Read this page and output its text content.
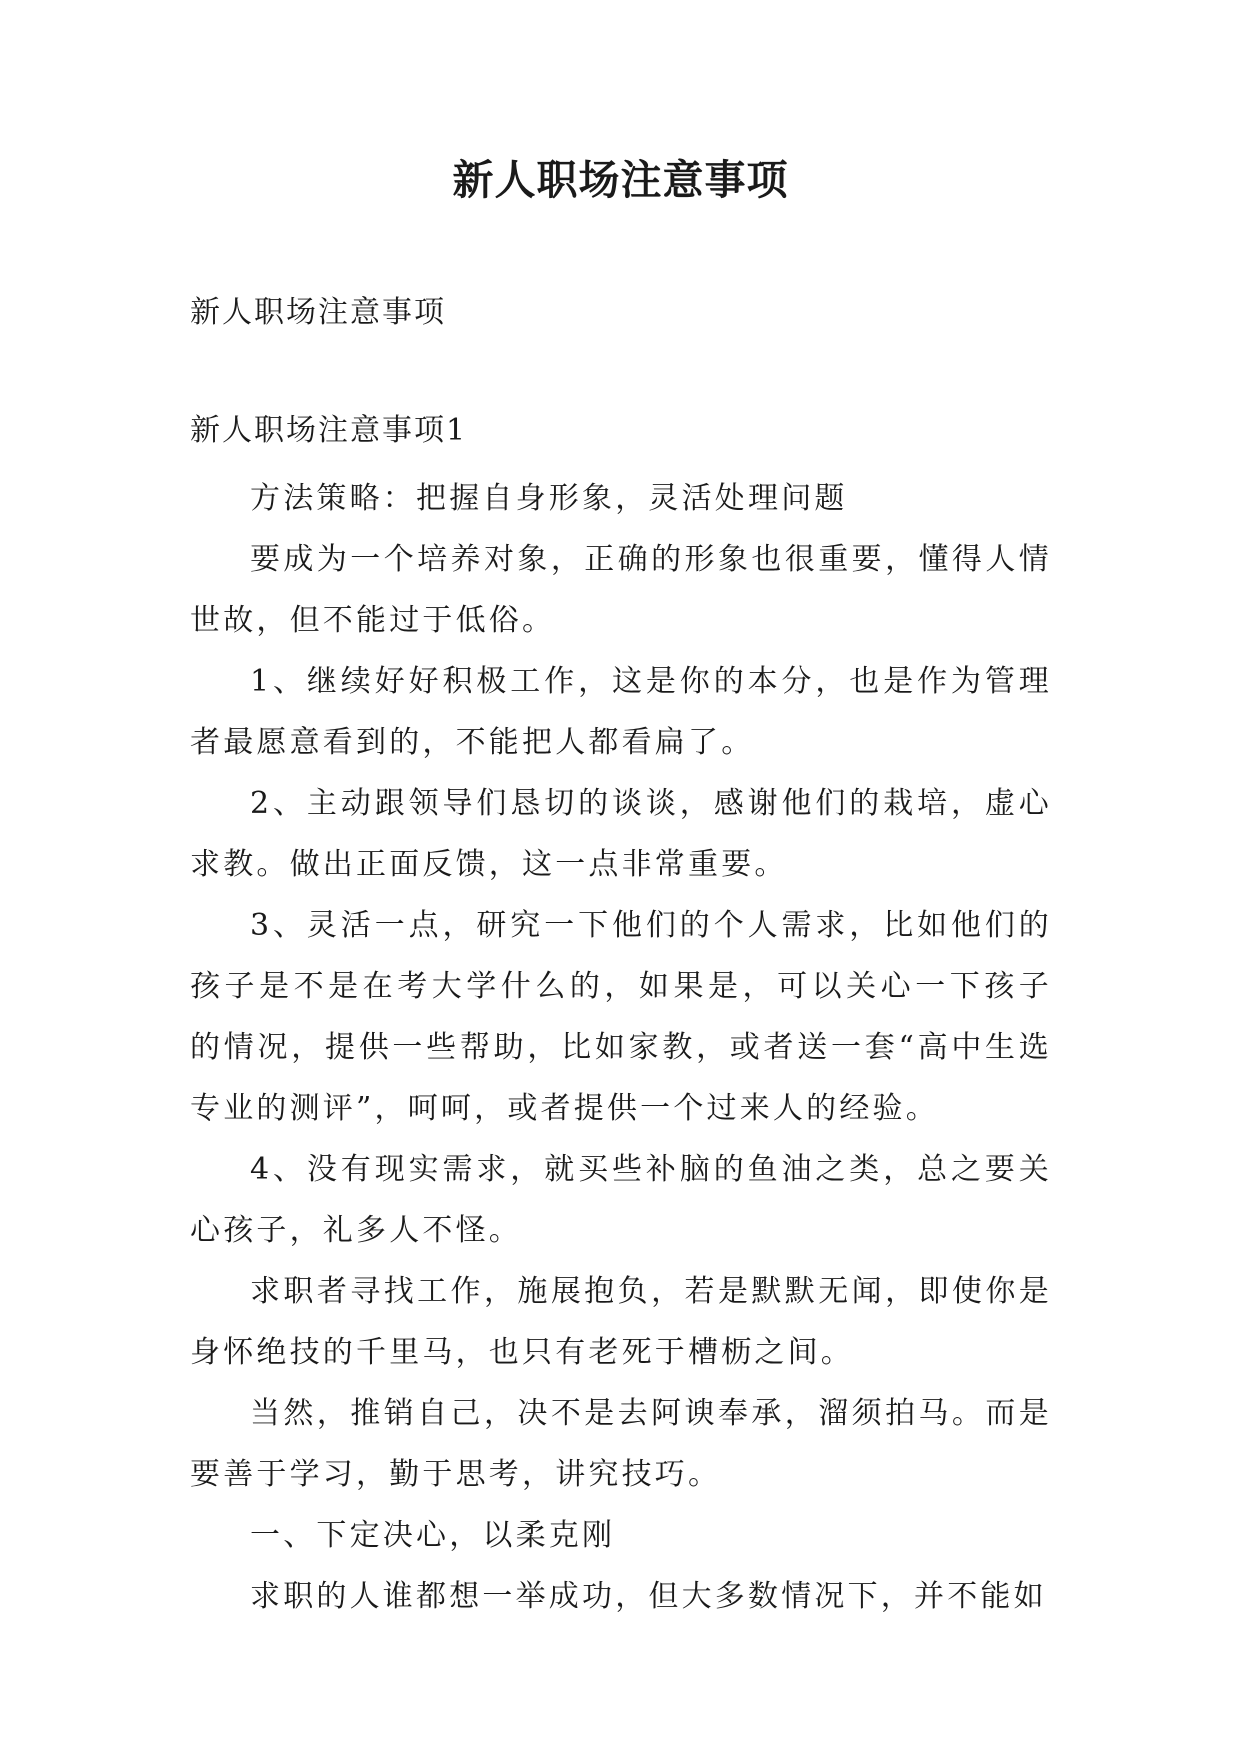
新人职场注意事项

新人职场注意事项

新人职场注意事项1

方法策略：把握自身形象，灵活处理问题

要成为一个培养对象，正确的形象也很重要，懂得人情世故，但不能过于低俗。

1、继续好好积极工作，这是你的本分，也是作为管理者最愿意看到的，不能把人都看扁了。

2、主动跟领导们恳切的谈谈，感谢他们的栽培，虚心求教。做出正面反馈，这一点非常重要。

3、灵活一点，研究一下他们的个人需求，比如他们的孩子是不是在考大学什么的，如果是，可以关心一下孩子的情况，提供一些帮助，比如家教，或者送一套“高中生选专业的测评”，呵呵，或者提供一个过来人的经验。

4、没有现实需求，就买些补脑的鱼油之类，总之要关心孩子，礼多人不怪。

求职者寻找工作，施展抱负，若是默默无闻，即使你是身怀绝技的千里马，也只有老死于槽枥之间。

当然，推销自己，决不是去阿谀奉承，溜须拍马。而是要善于学习，勤于思考，讲究技巧。

一、下定决心，以柔克刚

求职的人谁都想一举成功，但大多数情况下，并不能如
